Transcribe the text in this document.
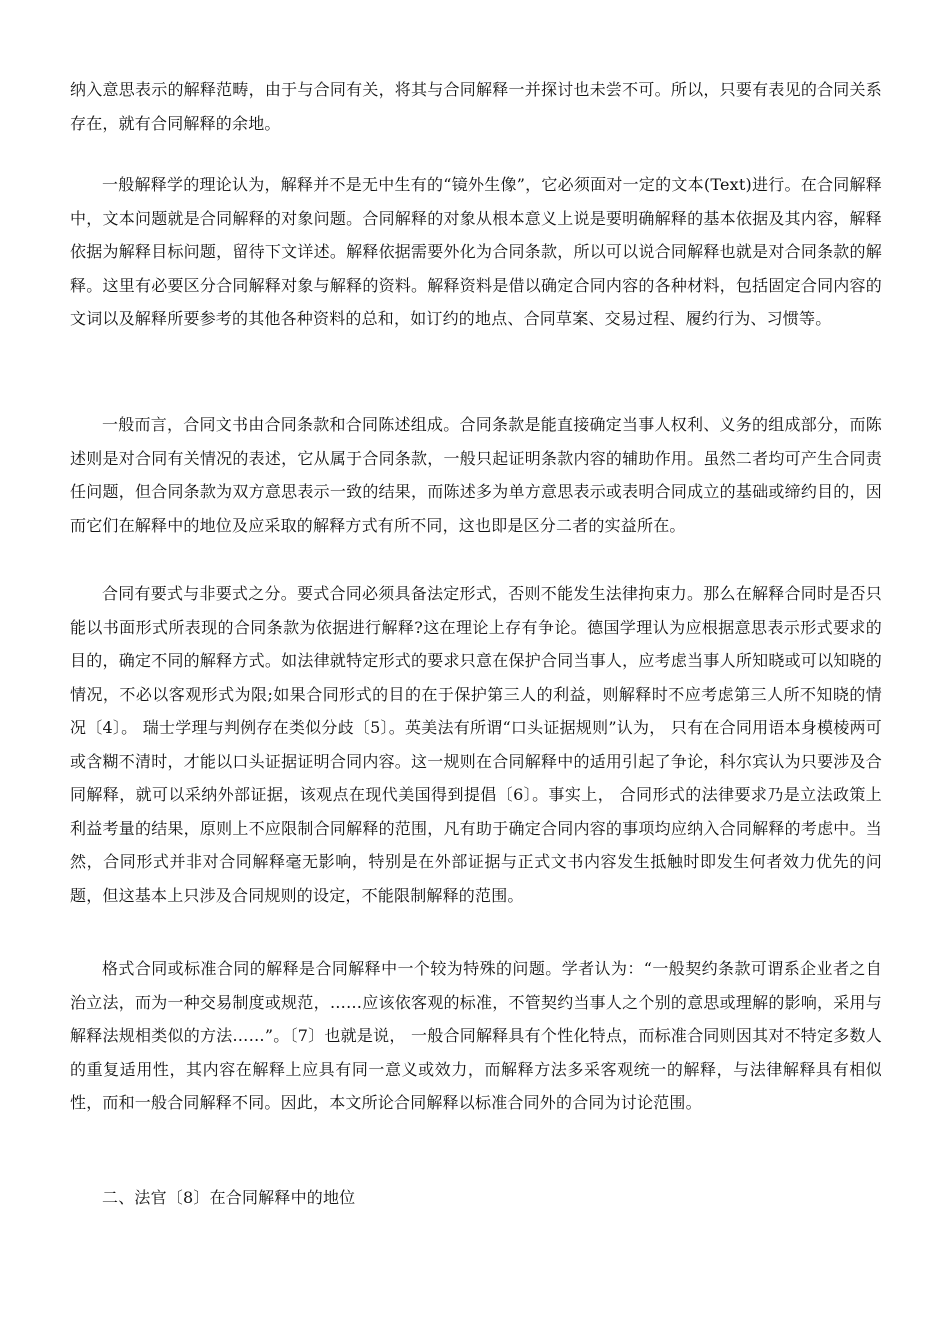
纳入意思表示的解释范畴，由于与合同有关，将其与合同解释一并探讨也未尝不可。所以，只要有表见的合同关系存在，就有合同解释的余地。

一般解释学的理论认为，解释并不是无中生有的“镜外生像”，它必须面对一定的文本(Text)进行。在合同解释中，文本问题就是合同解释的对象问题。合同解释的对象从根本意义上说是要明确解释的基本依据及其内容，解释依据为解释目标问题，留待下文详述。解释依据需要外化为合同条款，所以可以说合同解释也就是对合同条款的解释。这里有必要区分合同解释对象与解释的资料。解释资料是借以确定合同内容的各种材料，包括固定合同内容的文词以及解释所要参考的其他各种资料的总和，如订约的地点、合同草案、交易过程、履约行为、习惯等。

一般而言，合同文书由合同条款和合同陈述组成。合同条款是能直接确定当事人权利、义务的组成部分，而陈述则是对合同有关情况的表述，它从属于合同条款，一般只起证明条款内容的辅助作用。虽然二者均可产生合同责任问题，但合同条款为双方意思表示一致的结果，而陈述多为单方意思表示或表明合同成立的基础或缔约目的，因而它们在解释中的地位及应采取的解释方式有所不同，这也即是区分二者的实益所在。

合同有要式与非要式之分。要式合同必须具备法定形式，否则不能发生法律拘束力。那么在解释合同时是否只能以书面形式所表现的合同条款为依据进行解释?这在理论上存有争论。德国学理认为应根据意思表示形式要求的目的，确定不同的解释方式。如法律就特定形式的要求只意在保护合同当事人，应考虑当事人所知晓或可以知晓的情况，不必以客观形式为限;如果合同形式的目的在于保护第三人的利益，则解释时不应考虑第三人所不知晓的情况〔4〕。 瑞士学理与判例存在类似分歧〔5〕。英美法有所谓“口头证据规则”认为， 只有在合同用语本身模棱两可或含糊不清时，才能以口头证据证明合同内容。这一规则在合同解释中的适用引起了争论，科尔宾认为只要涉及合同解释，就可以采纳外部证据，该观点在现代美国得到提倡〔6〕。事实上， 合同形式的法律要求乃是立法政策上利益考量的结果，原则上不应限制合同解释的范围，凡有助于确定合同内容的事项均应纳入合同解释的考虑中。当然，合同形式并非对合同解释毫无影响，特别是在外部证据与正式文书内容发生抵触时即发生何者效力优先的问题，但这基本上只涉及合同规则的设定，不能限制解释的范围。

格式合同或标准合同的解释是合同解释中一个较为特殊的问题。学者认为：“一般契约条款可谓系企业者之自治立法，而为一种交易制度或规范，……应该依客观的标准，不管契约当事人之个别的意思或理解的影响，采用与解释法规相类似的方法……”。〔7〕也就是说， 一般合同解释具有个性化特点，而标准合同则因其对不特定多数人的重复适用性，其内容在解释上应具有同一意义或效力，而解释方法多采客观统一的解释，与法律解释具有相似性，而和一般合同解释不同。因此，本文所论合同解释以标准合同外的合同为讨论范围。

二、法官〔8〕在合同解释中的地位
